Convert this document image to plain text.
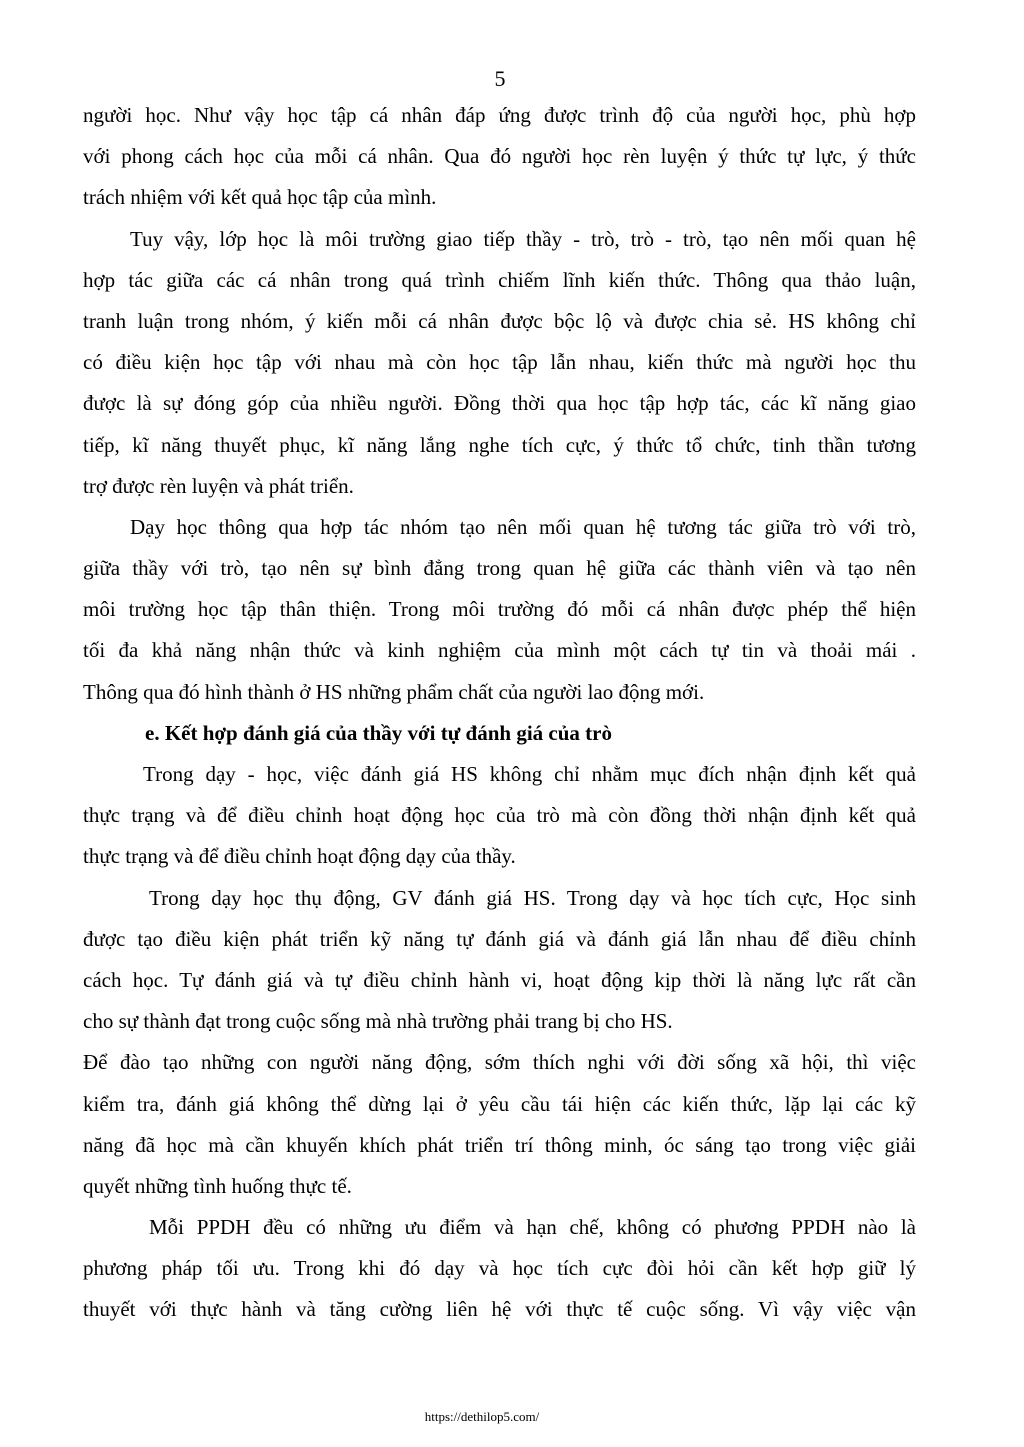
5
người học. Như vậy học tập cá nhân đáp ứng được trình độ của người học, phù hợp
với phong cách học của mỗi cá nhân. Qua đó người học rèn luyện ý thức tự lực, ý thức
trách nhiệm với kết quả học tập của mình.
Tuy vậy, lớp học là môi trường giao tiếp thầy - trò, trò - trò, tạo nên mối quan hệ
hợp tác giữa các cá nhân trong quá trình chiếm lĩnh kiến thức. Thông qua thảo luận,
tranh luận trong nhóm, ý kiến mỗi cá nhân được bộc lộ và được chia sẻ. HS không chỉ
có điều kiện học tập với nhau mà còn học tập lẫn nhau, kiến thức mà người học thu
được là sự đóng góp của nhiều người. Đồng thời qua học tập hợp tác, các kĩ năng giao
tiếp, kĩ năng thuyết phục, kĩ năng lắng nghe tích cực, ý thức tổ chức, tinh thần tương
trợ được rèn luyện và phát triển.
Dạy học thông qua hợp tác nhóm tạo nên mối quan hệ tương tác giữa trò với trò,
giữa thầy với trò, tạo nên sự bình đẳng trong quan hệ giữa các thành viên và tạo nên
môi trường học tập thân thiện. Trong môi trường đó mỗi cá nhân được phép thể hiện
tối đa khả năng nhận thức và kinh nghiệm của mình một cách tự tin và thoải mái .
Thông qua đó hình thành ở HS những phẩm chất của người lao động mới.
e. Kết hợp đánh giá của thầy với tự đánh giá của trò
Trong dạy - học, việc đánh giá HS không chỉ nhằm mục đích nhận định kết quả
thực trạng và để điều chỉnh hoạt động học của trò mà còn đồng thời nhận định kết quả
thực trạng và để điều chỉnh hoạt động dạy của thầy.
Trong dạy học thụ động, GV đánh giá HS. Trong dạy và học tích cực, Học sinh
được tạo điều kiện phát triển kỹ năng tự đánh giá và đánh giá lẫn nhau để điều chỉnh
cách học. Tự đánh giá và tự điều chỉnh hành vi, hoạt động kịp thời là năng lực rất cần
cho sự thành đạt trong cuộc sống mà nhà trường phải trang bị cho HS.
Để đào tạo những con người năng động, sớm thích nghi với đời sống xã hội, thì việc
kiểm tra, đánh giá không thể dừng lại ở yêu cầu tái hiện các kiến thức, lặp lại các kỹ
năng đã học mà cần khuyến khích phát triển trí thông minh, óc sáng tạo trong việc giải
quyết những tình huống thực tế.
Mỗi PPDH đều có những ưu điểm và hạn chế, không có phương PPDH nào là
phương pháp tối ưu. Trong khi đó dạy và học tích cực đòi hỏi cần kết hợp giữ lý
thuyết với thực hành và tăng cường liên hệ với thực tế cuộc sống. Vì vậy việc vận
https://dethilop5.com/
